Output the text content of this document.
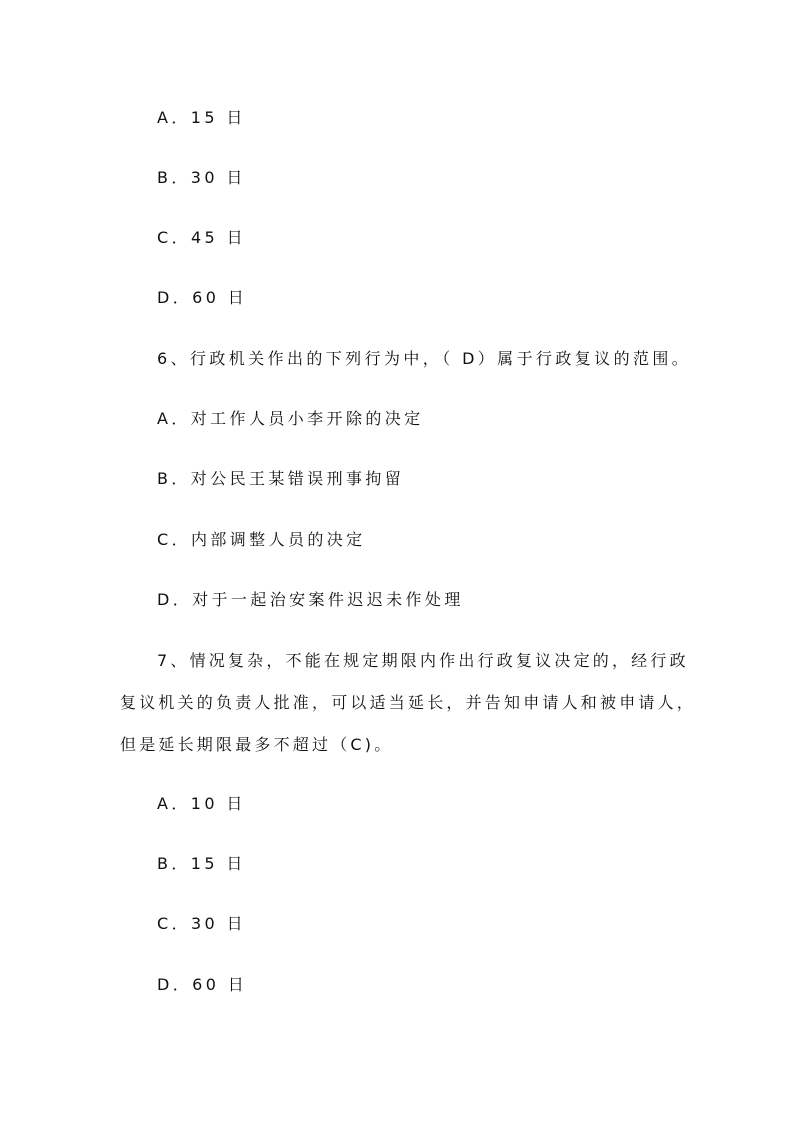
A．15 日
B．30 日
C．45 日
D．60 日
6、行政机关作出的下列行为中，（ D）属于行政复议的范围。
A．对工作人员小李开除的决定
B．对公民王某错误刑事拘留
C．内部调整人员的决定
D．对于一起治安案件迟迟未作处理
7、情况复杂，不能在规定期限内作出行政复议决定的，经行政
复议机关的负责人批准，可以适当延长，并告知申请人和被申请人，
但是延长期限最多不超过（C)。
A．10 日
B．15 日
C．30 日
D．60 日
